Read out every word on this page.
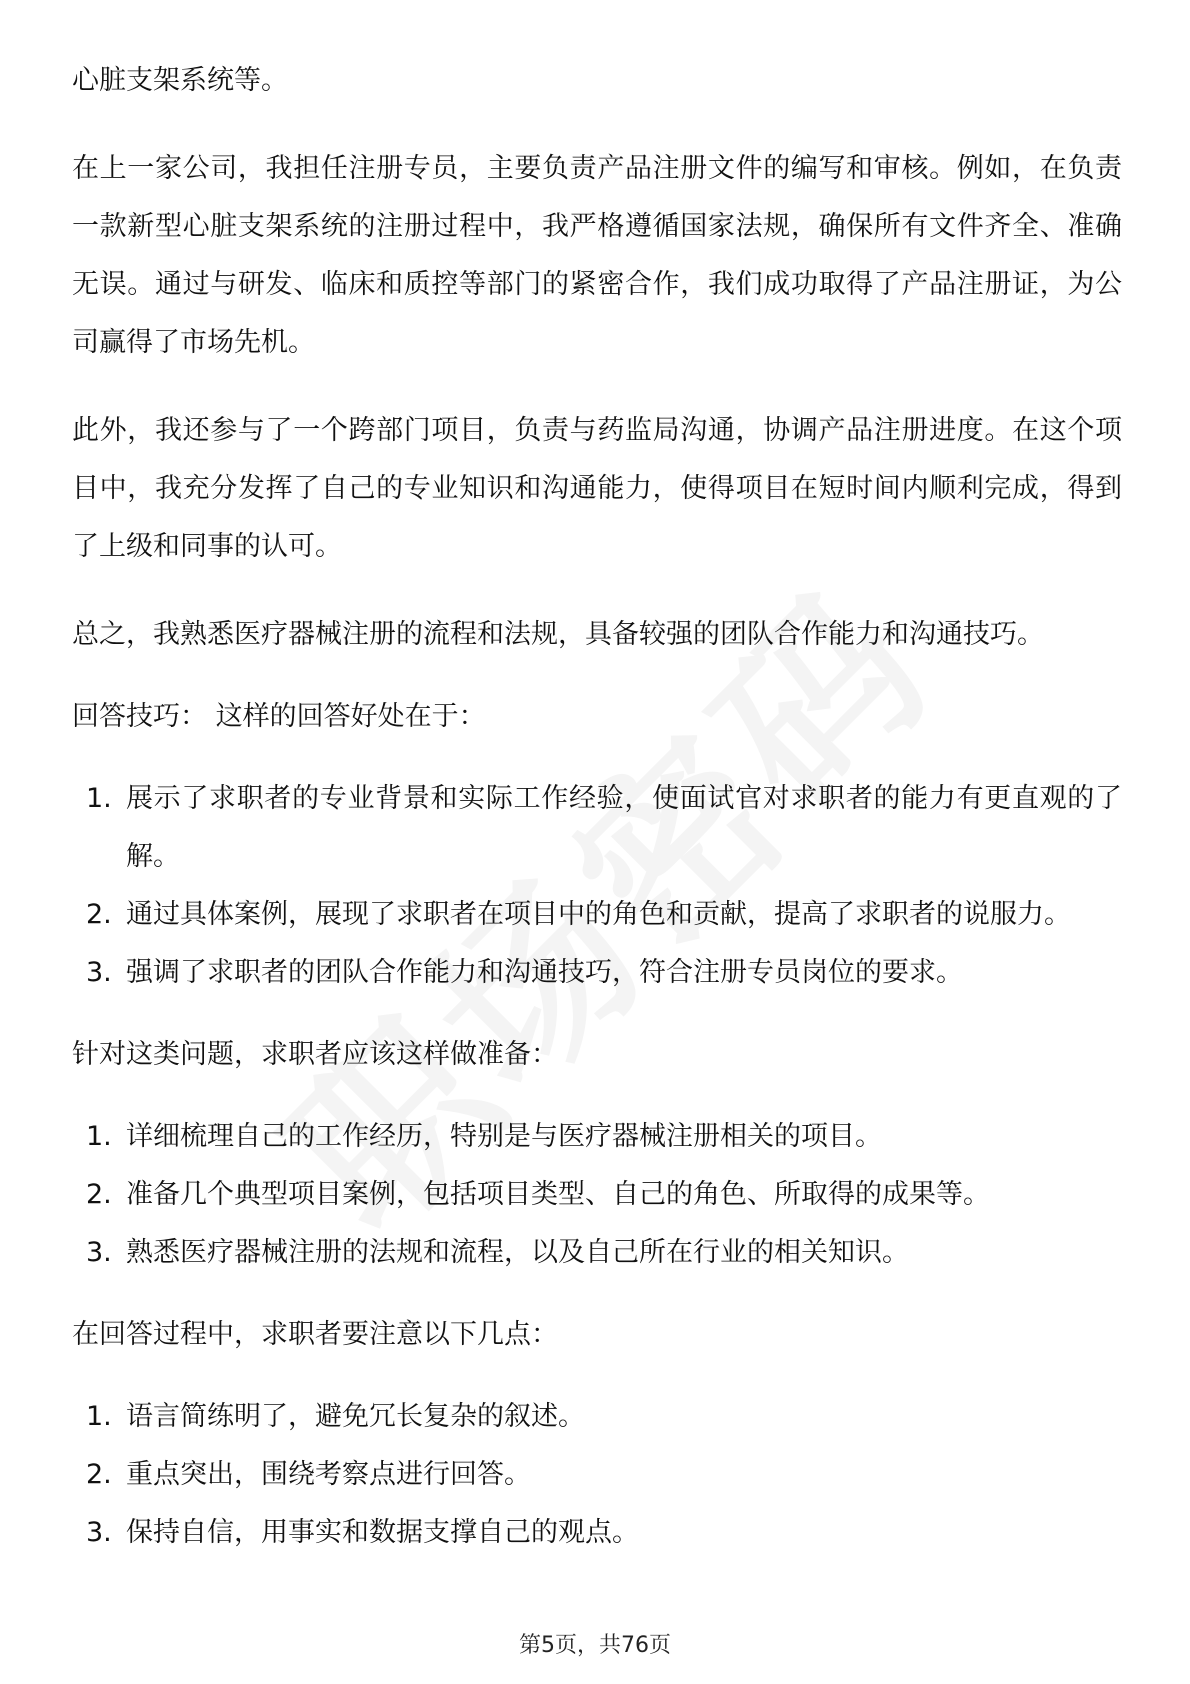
心脏支架系统等。

在上一家公司，我担任注册专员，主要负责产品注册文件的编写和审核。例如，在负责一款新型心脏支架系统的注册过程中，我严格遵循国家法规，确保所有文件齐全、准确无误。通过与研发、临床和质控等部门的紧密合作，我们成功取得了产品注册证，为公司赢得了市场先机。

此外，我还参与了一个跨部门项目，负责与药监局沟通，协调产品注册进度。在这个项目中，我充分发挥了自己的专业知识和沟通能力，使得项目在短时间内顺利完成，得到了上级和同事的认可。

总之，我熟悉医疗器械注册的流程和法规，具备较强的团队合作能力和沟通技巧。

回答技巧： 这样的回答好处在于：

1. 展示了求职者的专业背景和实际工作经验，使面试官对求职者的能力有更直观的了解。
2. 通过具体案例，展现了求职者在项目中的角色和贡献，提高了求职者的说服力。
3. 强调了求职者的团队合作能力和沟通技巧，符合注册专员岗位的要求。

针对这类问题，求职者应该这样做准备：

1. 详细梳理自己的工作经历，特别是与医疗器械注册相关的项目。
2. 准备几个典型项目案例，包括项目类型、自己的角色、所取得的成果等。
3. 熟悉医疗器械注册的法规和流程，以及自己所在行业的相关知识。

在回答过程中，求职者要注意以下几点：

1. 语言简练明了，避免冗长复杂的叙述。
2. 重点突出，围绕考察点进行回答。
3. 保持自信，用事实和数据支撑自己的观点。
第5页，共76页
